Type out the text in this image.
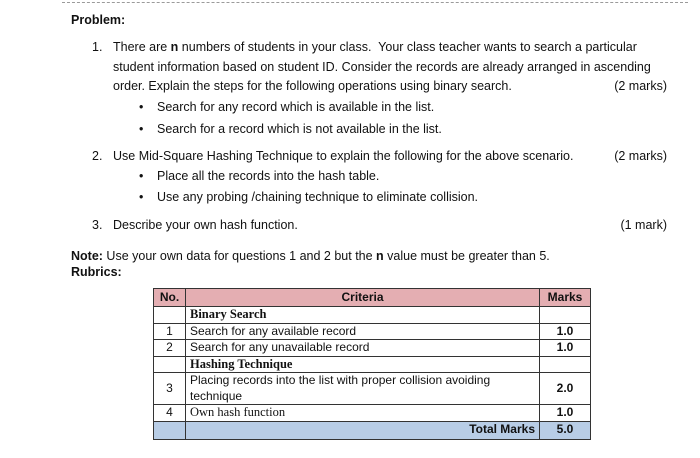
Problem:
1. There are n numbers of students in your class.  Your class teacher wants to search a particular
student information based on student ID. Consider the records are already arranged in ascending
order. Explain the steps for the following operations using binary search.	(2 marks)
• Search for any record which is available in the list.
• Search for a record which is not available in the list.
2. Use Mid-Square Hashing Technique to explain the following for the above scenario.	(2 marks)
• Place all the records into the hash table.
• Use any probing /chaining technique to eliminate collision.
3. Describe your own hash function.	(1 mark)
Note: Use your own data for questions 1 and 2 but the n value must be greater than 5.
Rubrics:
No.	Criteria	Marks
	Binary Search	
1	Search for any available record	1.0
2	Search for any unavailable record	1.0
	Hashing Technique	
3	Placing records into the list with proper collision avoiding
technique	2.0
4	Own hash function	1.0
	Total Marks	5.0
